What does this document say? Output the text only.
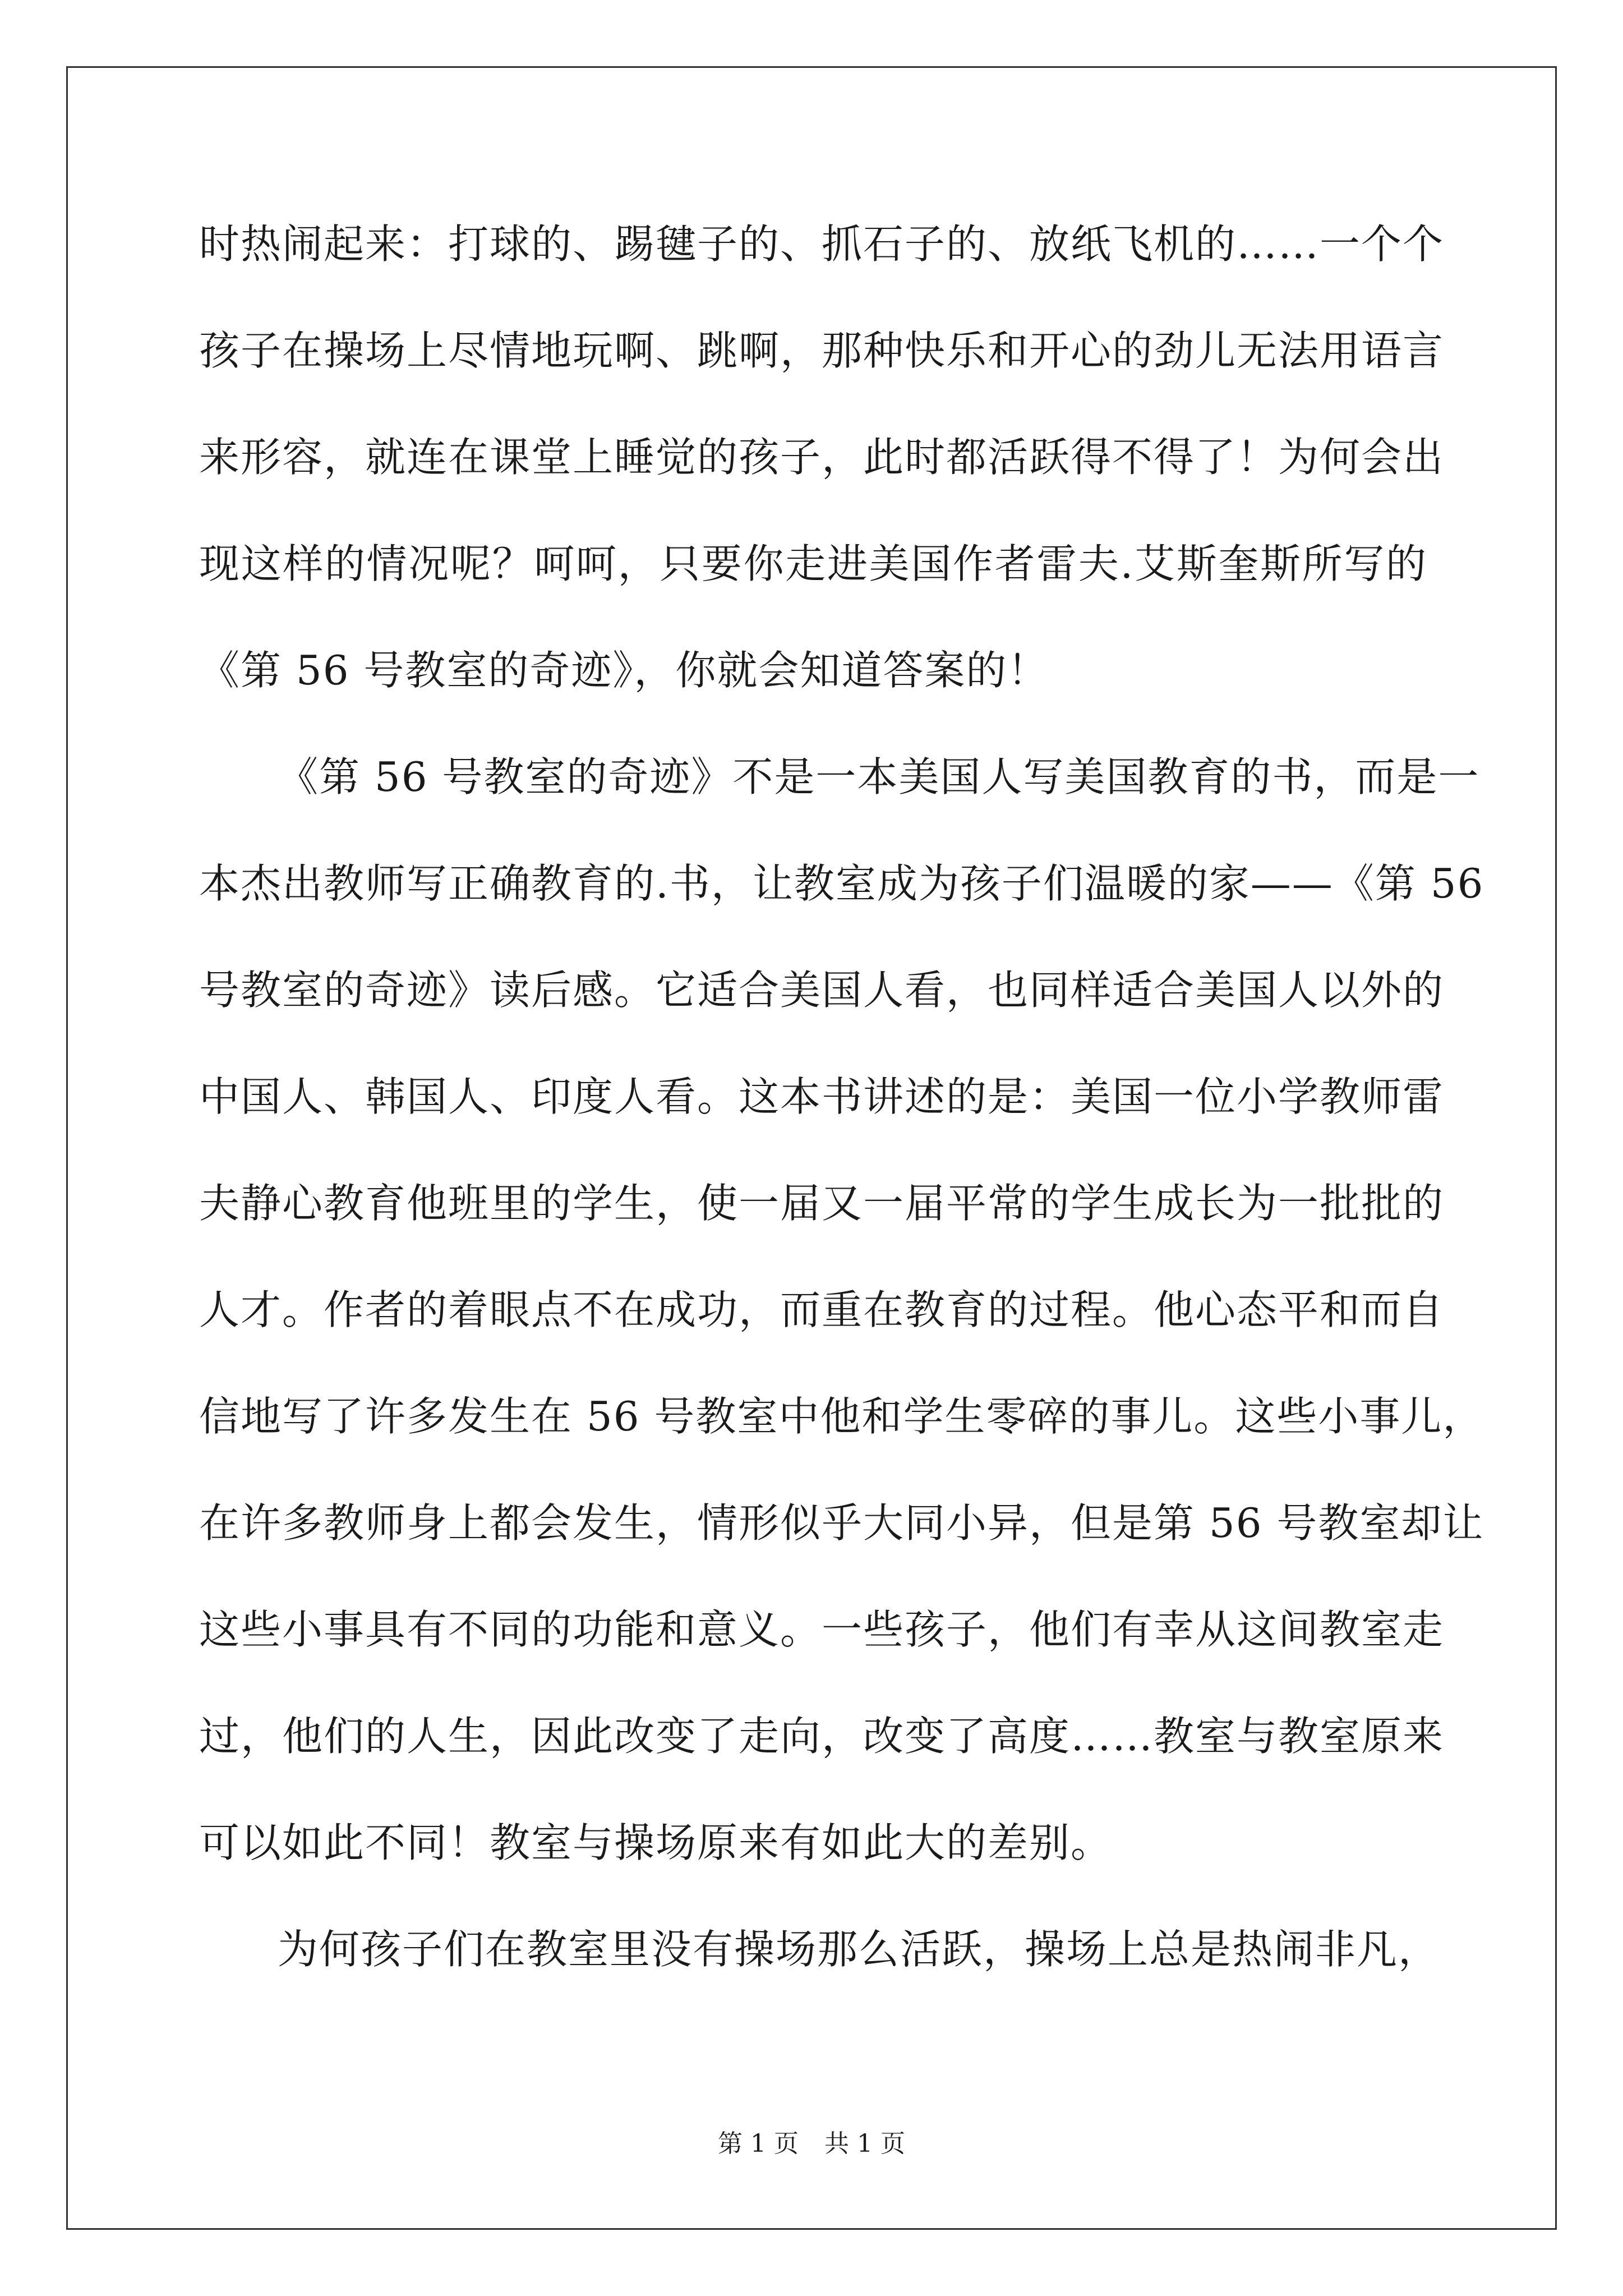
时热闹起来：打球的、踢毽子的、抓石子的、放纸飞机的……一个个
孩子在操场上尽情地玩啊、跳啊，那种快乐和开心的劲儿无法用语言
来形容，就连在课堂上睡觉的孩子，此时都活跃得不得了！为何会出
现这样的情况呢？呵呵，只要你走进美国作者雷夫.艾斯奎斯所写的
《第 56 号教室的奇迹》，你就会知道答案的！
《第 56 号教室的奇迹》不是一本美国人写美国教育的书，而是一
本杰出教师写正确教育的.书，让教室成为孩子们温暖的家——《第 56
号教室的奇迹》读后感。它适合美国人看，也同样适合美国人以外的
中国人、韩国人、印度人看。这本书讲述的是：美国一位小学教师雷
夫静心教育他班里的学生，使一届又一届平常的学生成长为一批批的
人才。作者的着眼点不在成功，而重在教育的过程。他心态平和而自
信地写了许多发生在 56 号教室中他和学生零碎的事儿。这些小事儿，
在许多教师身上都会发生，情形似乎大同小异，但是第 56 号教室却让
这些小事具有不同的功能和意义。一些孩子，他们有幸从这间教室走
过，他们的人生，因此改变了走向，改变了高度……教室与教室原来
可以如此不同！教室与操场原来有如此大的差别。
为何孩子们在教室里没有操场那么活跃，操场上总是热闹非凡，
第 1 页 共 1 页
